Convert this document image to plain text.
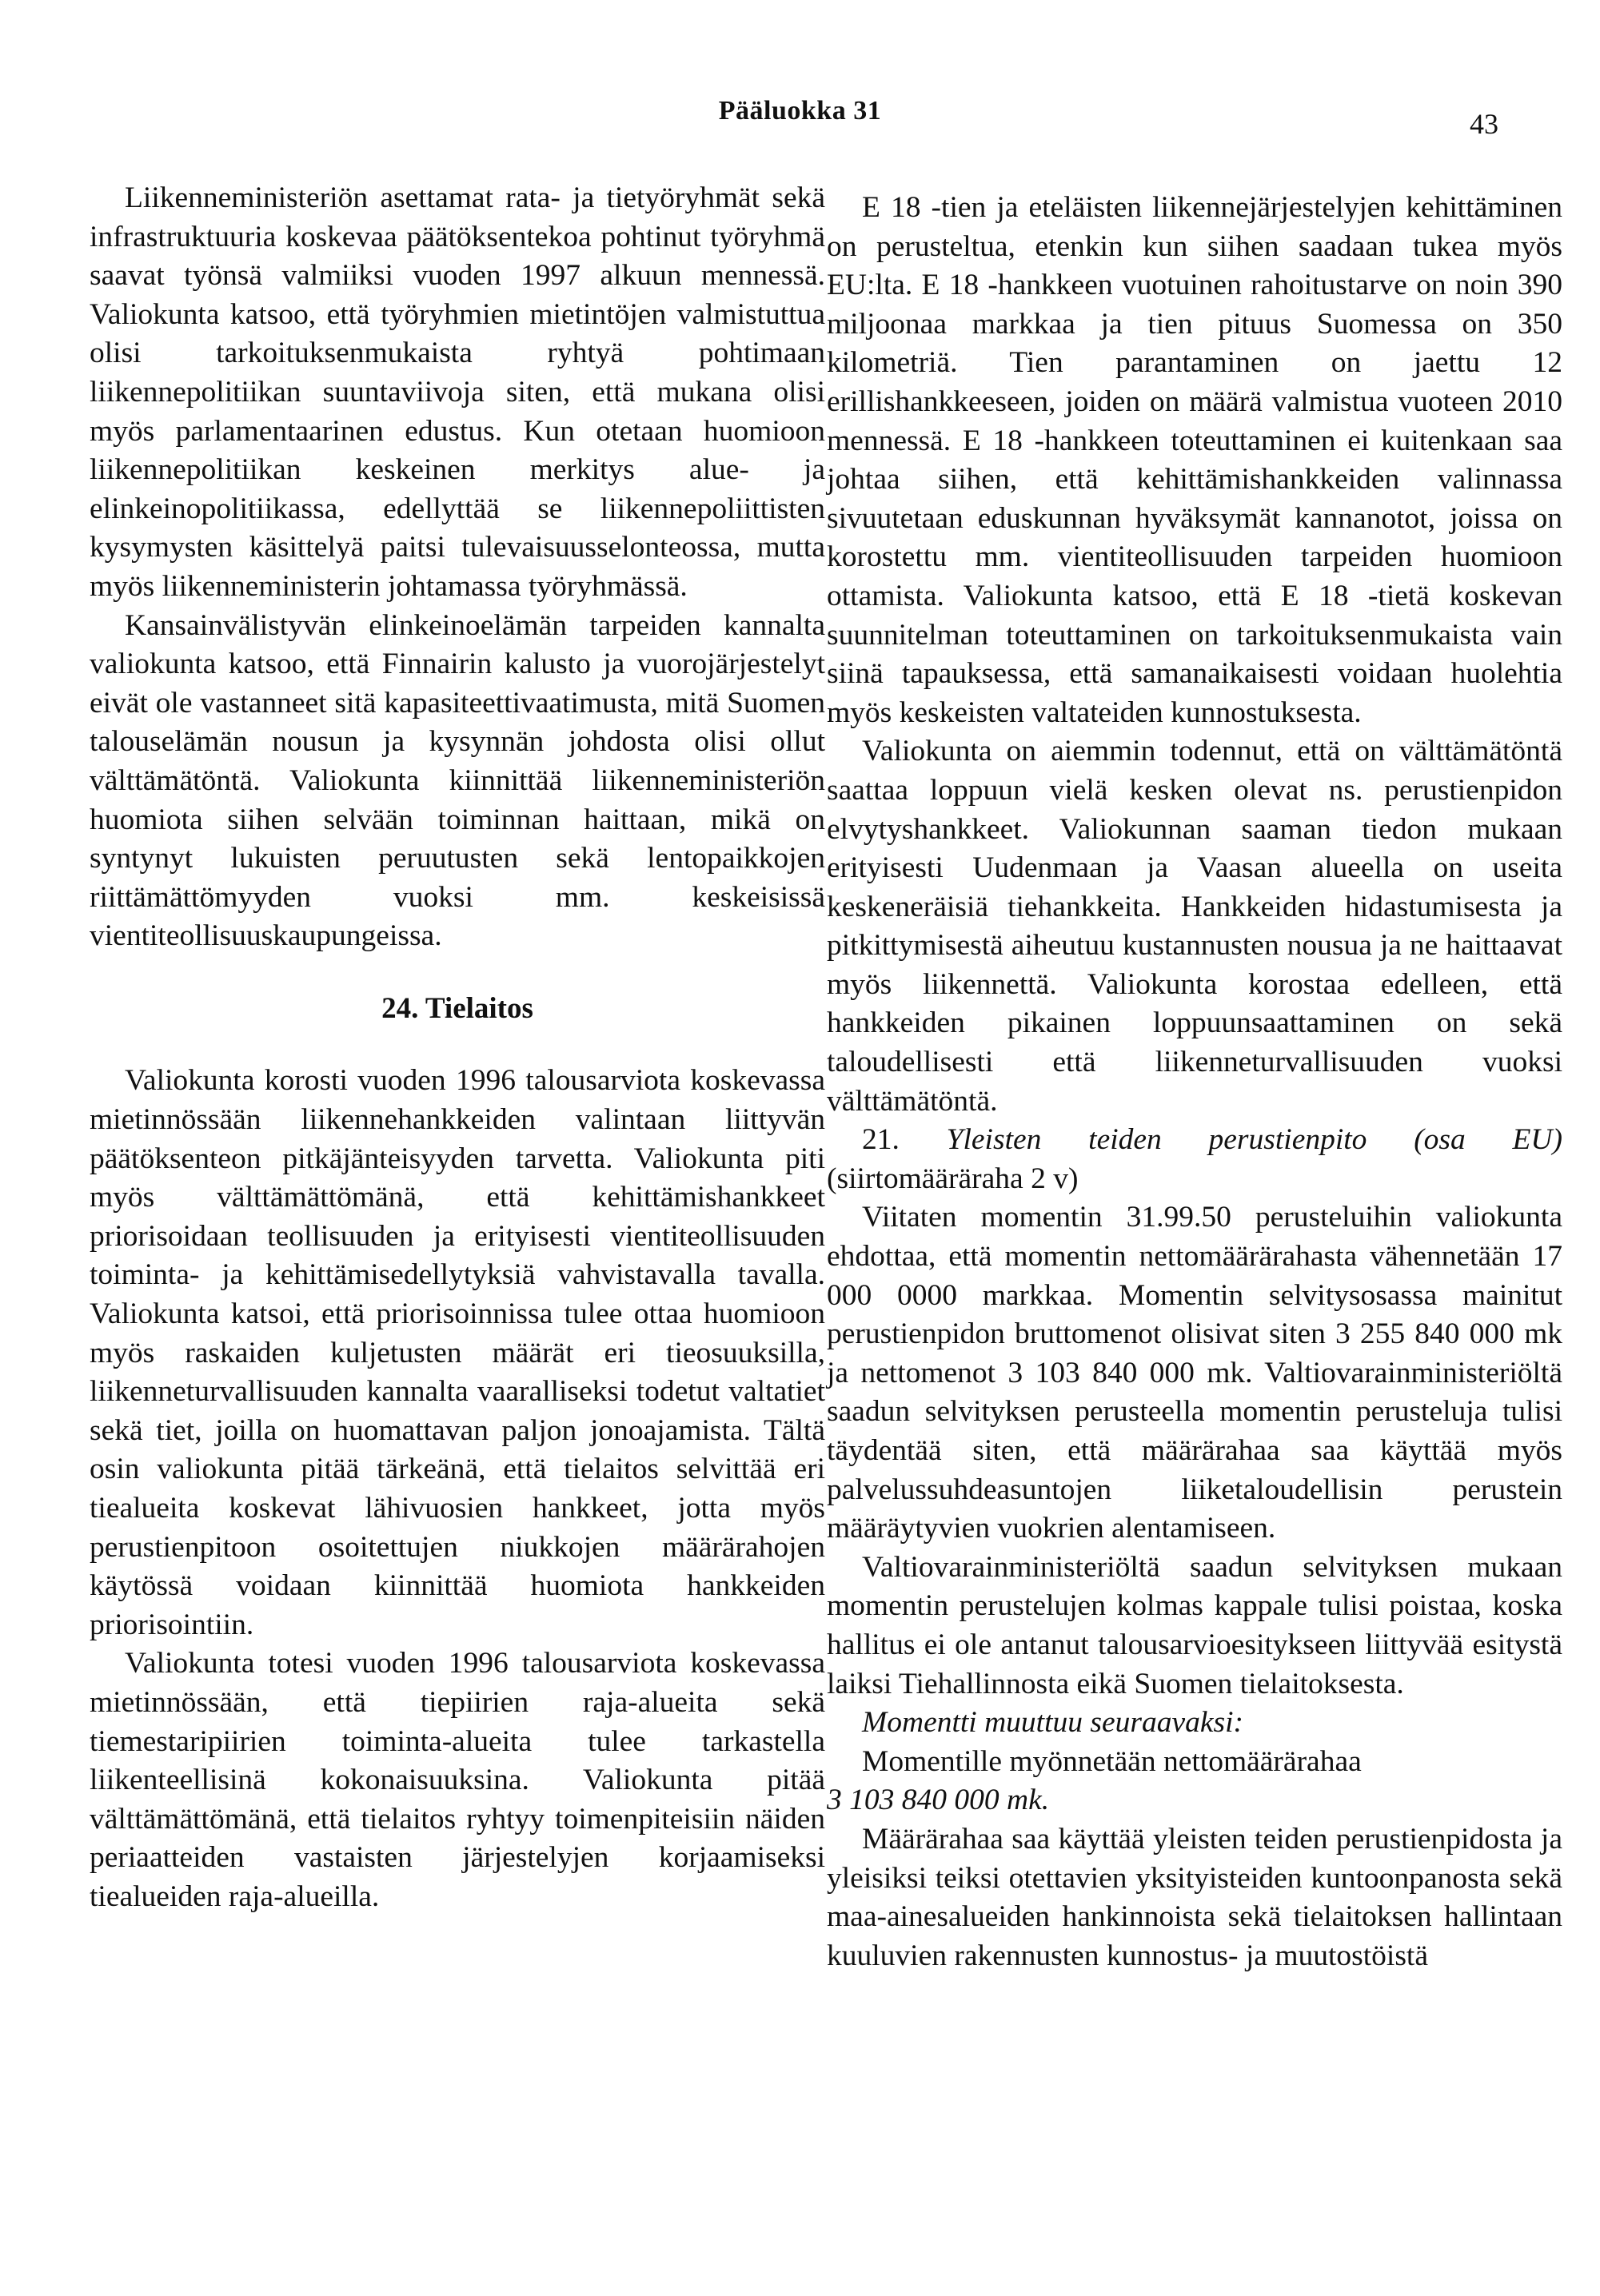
Pääluokka 31	43

Liikenneministeriön asettamat rata- ja tietyöryhmät sekä infrastruktuuria koskevaa päätöksentekoa pohtinut työryhmä saavat työnsä valmiiksi vuoden 1997 alkuun mennessä. Valiokunta katsoo, että työryhmien mietintöjen valmistuttua olisi tarkoituksenmukaista ryhtyä pohtimaan liikennepolitiikan suuntaviivoja siten, että mukana olisi myös parlamentaarinen edustus. Kun otetaan huomioon liikennepolitiikan keskeinen merkitys alue- ja elinkeinopolitiikassa, edellyttää se liikennepoliittisten kysymysten käsittelyä paitsi tulevaisuusselonteossa, mutta myös liikenneministerin johtamassa työryhmässä.

Kansainvälistyvän elinkeinoelämän tarpeiden kannalta valiokunta katsoo, että Finnairin kalusto ja vuorojärjestelyt eivät ole vastanneet sitä kapasiteettivaatimusta, mitä Suomen talouselämän nousun ja kysynnän johdosta olisi ollut välttämätöntä. Valiokunta kiinnittää liikenneministeriön huomiota siihen selvään toiminnan haittaan, mikä on syntynyt lukuisten peruutusten sekä lentopaikkojen riittämättömyyden vuoksi mm. keskeisissä vientiteollisuuskaupungeissa.

24. Tielaitos

Valiokunta korosti vuoden 1996 talousarviota koskevassa mietinnössään liikennehankkeiden valintaan liittyvän päätöksenteon pitkäjänteisyyden tarvetta. Valiokunta piti myös välttämättömänä, että kehittämishankkeet priorisoidaan teollisuuden ja erityisesti vientiteollisuuden toiminta- ja kehittämisedellytyksiä vahvistavalla tavalla. Valiokunta katsoi, että priorisoinnissa tulee ottaa huomioon myös raskaiden kuljetusten määrät eri tieosuuksilla, liikenneturvallisuuden kannalta vaaralliseksi todetut valtatiet sekä tiet, joilla on huomattavan paljon jonoajamista. Tältä osin valiokunta pitää tärkeänä, että tielaitos selvittää eri tiealueita koskevat lähivuosien hankkeet, jotta myös perustienpitoon osoitettujen niukkojen määrärahojen käytössä voidaan kiinnittää huomiota hankkeiden priorisointiin.

Valiokunta totesi vuoden 1996 talousarviota koskevassa mietinnössään, että tiepiirien raja-alueita sekä tiemestaripiirien toiminta-alueita tulee tarkastella liikenteellisinä kokonaisuuksina. Valiokunta pitää välttämättömänä, että tielaitos ryhtyy toimenpiteisiin näiden periaatteiden vastaisten järjestelyjen korjaamiseksi tiealueiden raja-alueilla.

E 18 -tien ja eteläisten liikennejärjestelyjen kehittäminen on perusteltua, etenkin kun siihen saadaan tukea myös EU:lta. E 18 -hankkeen vuotuinen rahoitustarve on noin 390 miljoonaa markkaa ja tien pituus Suomessa on 350 kilometriä. Tien parantaminen on jaettu 12 erillishankkeeseen, joiden on määrä valmistua vuoteen 2010 mennessä. E 18 -hankkeen toteuttaminen ei kuitenkaan saa johtaa siihen, että kehittämishankkeiden valinnassa sivuutetaan eduskunnan hyväksymät kannanotot, joissa on korostettu mm. vientiteollisuuden tarpeiden huomioon ottamista. Valiokunta katsoo, että E 18 -tietä koskevan suunnitelman toteuttaminen on tarkoituksenmukaista vain siinä tapauksessa, että samanaikaisesti voidaan huolehtia myös keskeisten valtateiden kunnostuksesta.

Valiokunta on aiemmin todennut, että on välttämätöntä saattaa loppuun vielä kesken olevat ns. perustienpidon elvytyshankkeet. Valiokunnan saaman tiedon mukaan erityisesti Uudenmaan ja Vaasan alueella on useita keskeneräisiä tiehankkeita. Hankkeiden hidastumisesta ja pitkittymisestä aiheutuu kustannusten nousua ja ne haittaavat myös liikennettä. Valiokunta korostaa edelleen, että hankkeiden pikainen loppuunsaattaminen on sekä taloudellisesti että liikenneturvallisuuden vuoksi välttämätöntä.

21. Yleisten teiden perustienpito (osa EU) (siirtomääräraha 2 v)

Viitaten momentin 31.99.50 perusteluihin valiokunta ehdottaa, että momentin nettomäärärahasta vähennetään 17 000 0000 markkaa. Momentin selvitysosassa mainitut perustienpidon bruttomenot olisivat siten 3 255 840 000 mk ja nettomenot 3 103 840 000 mk. Valtiovarainministeriöltä saadun selvityksen perusteella momentin perusteluja tulisi täydentää siten, että määrärahaa saa käyttää myös palvelussuhdeasuntojen liiketaloudellisin perustein määräytyvien vuokrien alentamiseen.

Valtiovarainministeriöltä saadun selvityksen mukaan momentin perustelujen kolmas kappale tulisi poistaa, koska hallitus ei ole antanut talousarvioesitykseen liittyvää esitystä laiksi Tiehallinnosta eikä Suomen tielaitoksesta.

Momentti muuttuu seuraavaksi:

Momentille myönnetään nettomäärärahaa

3 103 840 000 mk.

Määrärahaa saa käyttää yleisten teiden perustienpidosta ja yleisiksi teiksi otettavien yksityisteiden kuntoonpanosta sekä maa-ainesalueiden hankinnoista sekä tielaitoksen hallintaan kuuluvien rakennusten kunnostus- ja muutostöistä
